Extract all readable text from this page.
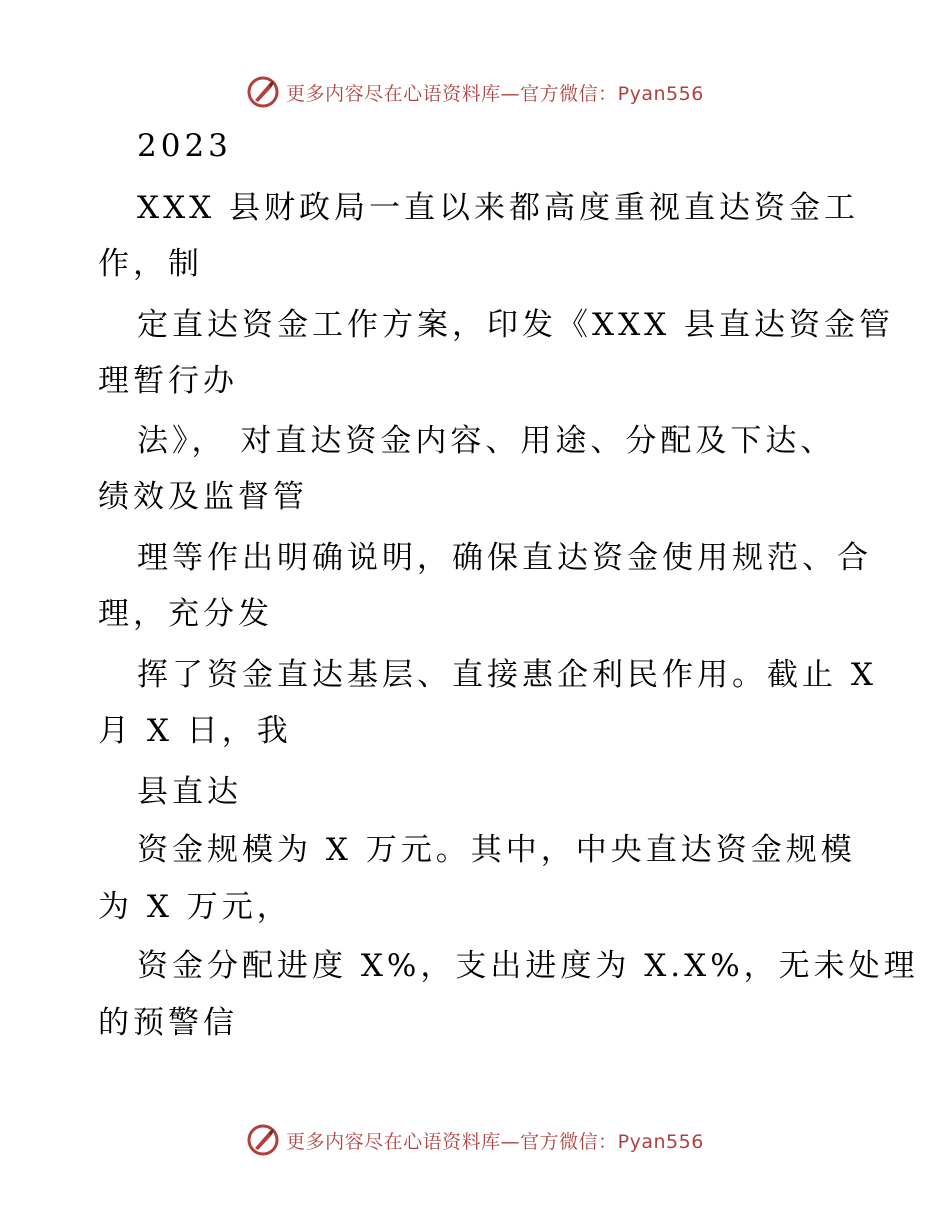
更多内容尽在心语资料库—官方微信：Pyan556
2023
XXX 县财政局一直以来都高度重视直达资金工
作，制
定直达资金工作方案，印发《XXX 县直达资金管
理暂行办
法》， 对直达资金内容、用途、分配及下达、
绩效及监督管
理等作出明确说明，确保直达资金使用规范、合
理，充分发
挥了资金直达基层、直接惠企利民作用。截止 X
月 X 日，我
县直达
资金规模为 X 万元。其中，中央直达资金规模
为 X 万元，
资金分配进度 X%，支出进度为 X.X%，无未处理
的预警信
更多内容尽在心语资料库—官方微信：Pyan556
